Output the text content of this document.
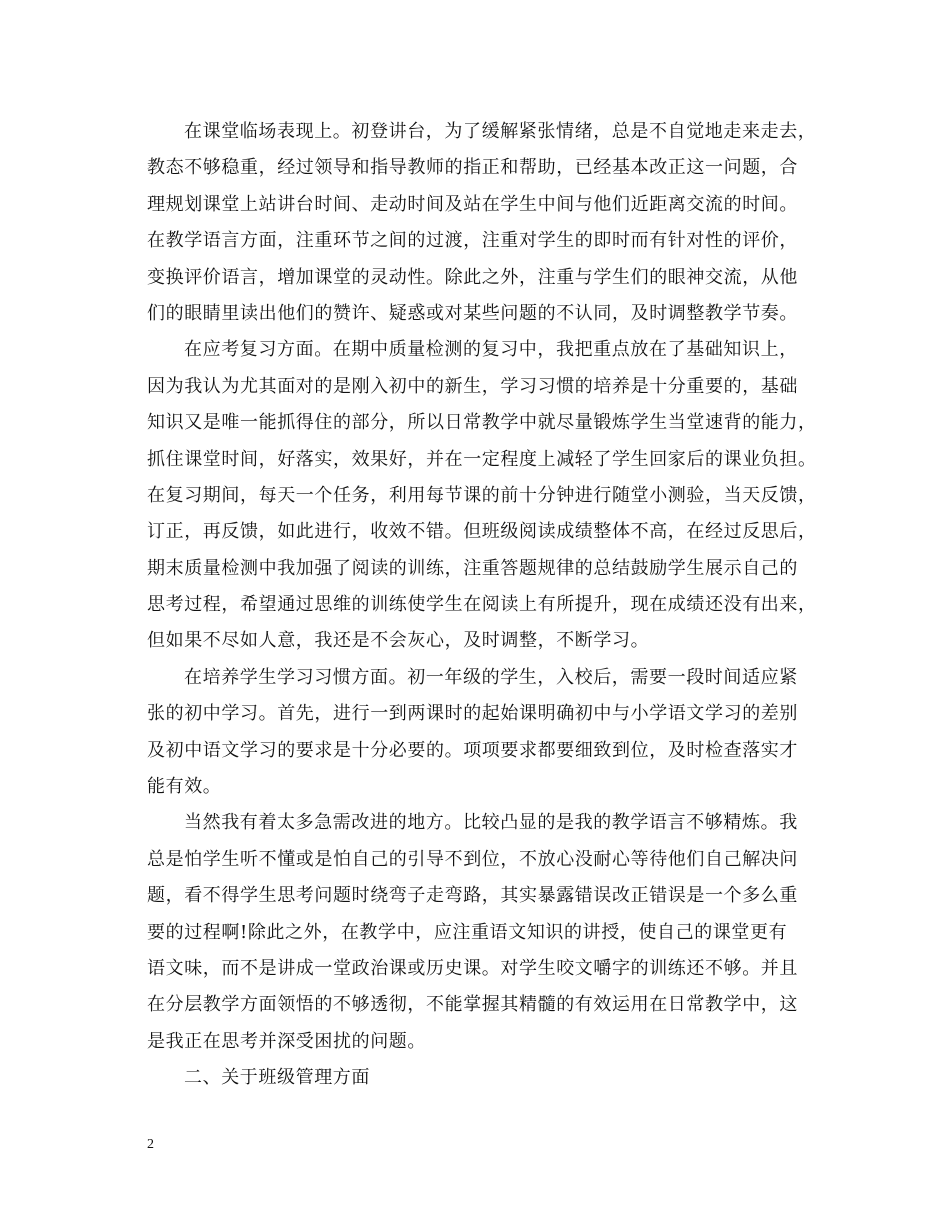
在课堂临场表现上。初登讲台，为了缓解紧张情绪，总是不自觉地走来走去，
教态不够稳重，经过领导和指导教师的指正和帮助，已经基本改正这一问题，合
理规划课堂上站讲台时间、走动时间及站在学生中间与他们近距离交流的时间。
在教学语言方面，注重环节之间的过渡，注重对学生的即时而有针对性的评价，
变换评价语言，增加课堂的灵动性。除此之外，注重与学生们的眼神交流，从他
们的眼睛里读出他们的赞许、疑惑或对某些问题的不认同，及时调整教学节奏。
在应考复习方面。在期中质量检测的复习中，我把重点放在了基础知识上，
因为我认为尤其面对的是刚入初中的新生，学习习惯的培养是十分重要的，基础
知识又是唯一能抓得住的部分，所以日常教学中就尽量锻炼学生当堂速背的能力，
抓住课堂时间，好落实，效果好，并在一定程度上减轻了学生回家后的课业负担。
在复习期间，每天一个任务，利用每节课的前十分钟进行随堂小测验，当天反馈，
订正，再反馈，如此进行，收效不错。但班级阅读成绩整体不高，在经过反思后，
期末质量检测中我加强了阅读的训练，注重答题规律的总结鼓励学生展示自己的
思考过程，希望通过思维的训练使学生在阅读上有所提升，现在成绩还没有出来，
但如果不尽如人意，我还是不会灰心，及时调整，不断学习。
在培养学生学习习惯方面。初一年级的学生，入校后，需要一段时间适应紧
张的初中学习。首先，进行一到两课时的起始课明确初中与小学语文学习的差别
及初中语文学习的要求是十分必要的。项项要求都要细致到位，及时检查落实才
能有效。
当然我有着太多急需改进的地方。比较凸显的是我的教学语言不够精炼。我
总是怕学生听不懂或是怕自己的引导不到位，不放心没耐心等待他们自己解决问
题，看不得学生思考问题时绕弯子走弯路，其实暴露错误改正错误是一个多么重
要的过程啊!除此之外，在教学中，应注重语文知识的讲授，使自己的课堂更有
语文味，而不是讲成一堂政治课或历史课。对学生咬文嚼字的训练还不够。并且
在分层教学方面领悟的不够透彻，不能掌握其精髓的有效运用在日常教学中，这
是我正在思考并深受困扰的问题。
二、关于班级管理方面
2
